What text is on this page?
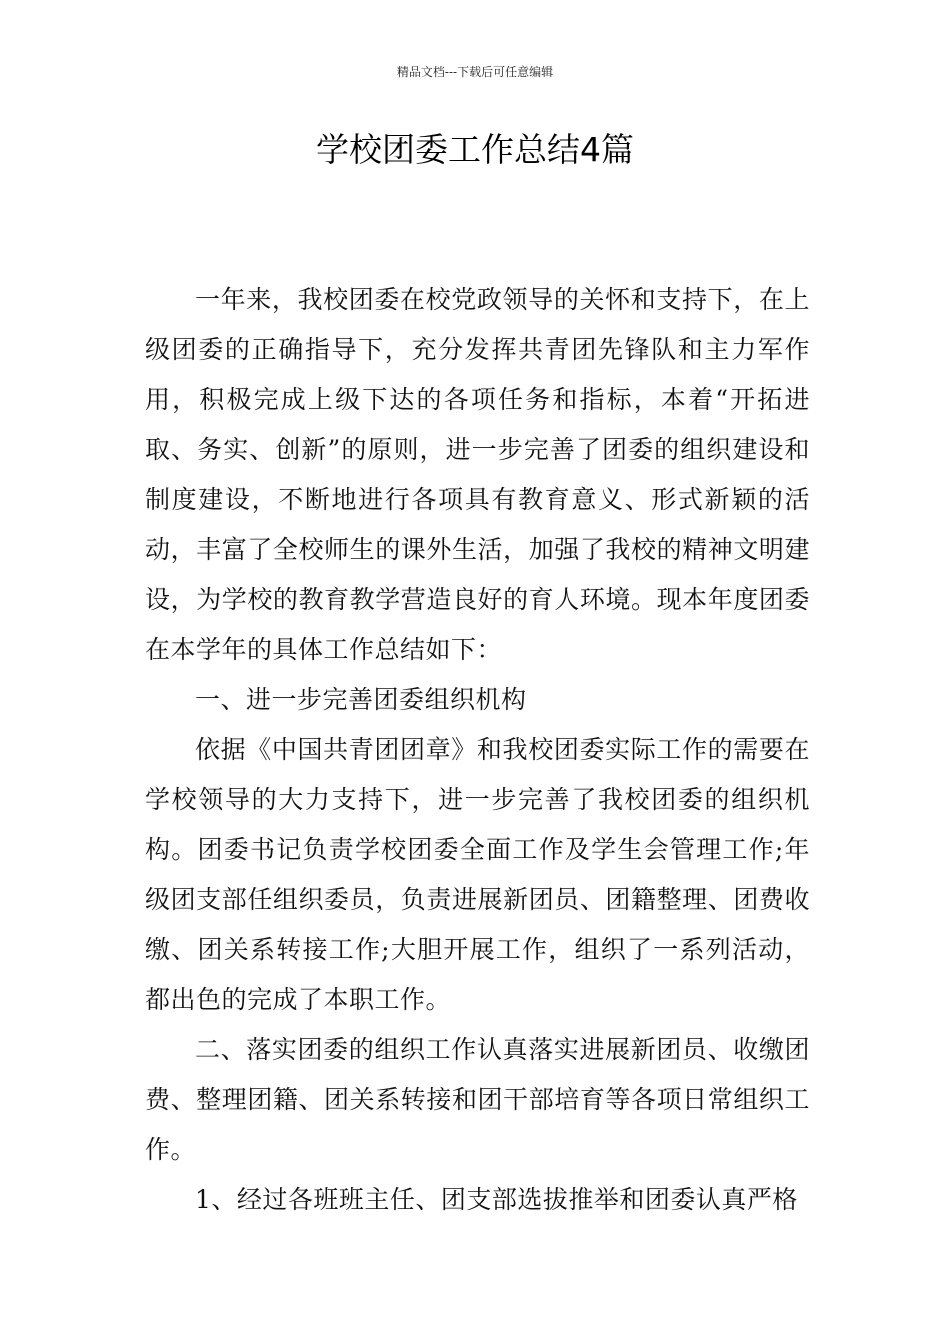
精品文档---下载后可任意编辑
学校团委工作总结4篇

一年来，我校团委在校党政领导的关怀和支持下，在上级团委的正确指导下，充分发挥共青团先锋队和主力军作用，积极完成上级下达的各项任务和指标，本着“开拓进取、务实、创新”的原则，进一步完善了团委的组织建设和制度建设，不断地进行各项具有教育意义、形式新颖的活动，丰富了全校师生的课外生活，加强了我校的精神文明建设，为学校的教育教学营造良好的育人环境。现本年度团委在本学年的具体工作总结如下：

一、进一步完善团委组织机构

依据《中国共青团团章》和我校团委实际工作的需要在学校领导的大力支持下，进一步完善了我校团委的组织机构。团委书记负责学校团委全面工作及学生会管理工作;年级团支部任组织委员，负责进展新团员、团籍整理、团费收缴、团关系转接工作;大胆开展工作，组织了一系列活动，都出色的完成了本职工作。

二、落实团委的组织工作认真落实进展新团员、收缴团费、整理团籍、团关系转接和团干部培育等各项日常组织工作。

1、经过各班班主任、团支部选拔推举和团委认真严格
